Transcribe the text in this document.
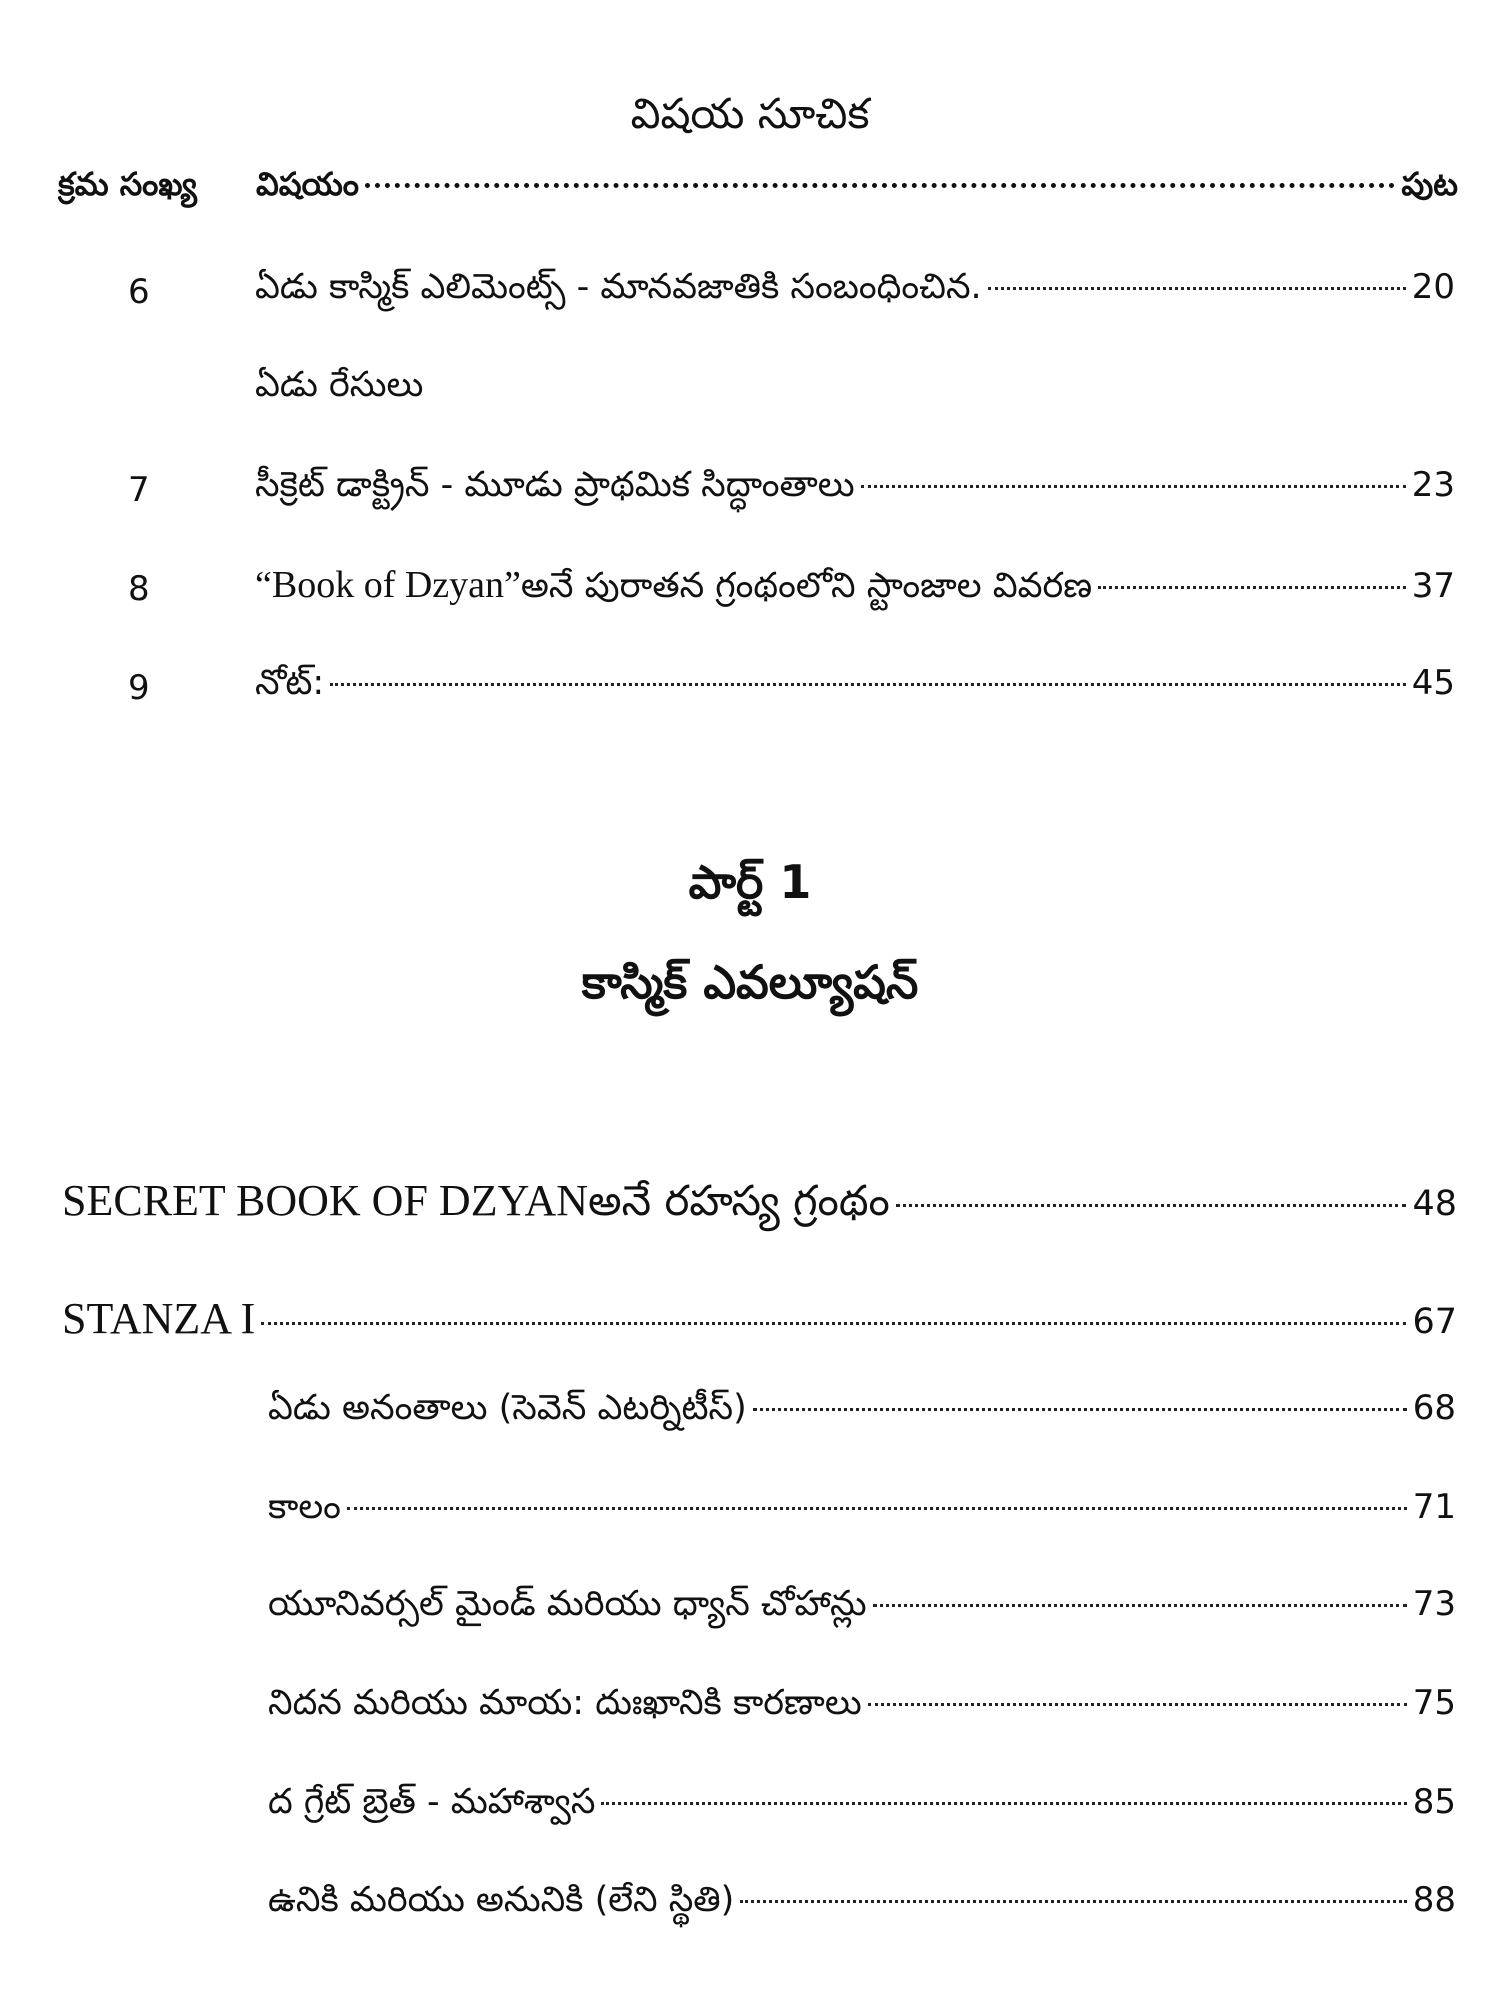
విషయ సూచిక
క్రమ సంఖ్య	విషయం	పుట
6	ఏడు కాస్మిక్ ఎలిమెంట్స్ - మానవజాతికి సంబంధించిన.	20
ఏడు రేసులు
7	సీక్రెట్ డాక్ట్రిన్ - మూడు ప్రాథమిక సిద్ధాంతాలు	23
8	“Book of Dzyan” అనే పురాతన గ్రంథంలోని స్టాంజాల వివరణ	37
9	నోట్:	45
పార్ట్ 1
కాస్మిక్ ఎవల్యూషన్
SECRET BOOK OF DZYAN అనే రహస్య గ్రంథం	48
STANZA I	67
ఏడు అనంతాలు (సెవెన్ ఎటర్నిటీస్)	68
కాలం	71
యూనివర్సల్ మైండ్ మరియు ధ్యాన్ చోహాన్లు	73
నిదన మరియు మాయ: దుఃఖానికి కారణాలు	75
ద గ్రేట్ బ్రెత్ - మహాశ్వాస	85
ఉనికి మరియు అనునికి (లేని స్థితి)	88
